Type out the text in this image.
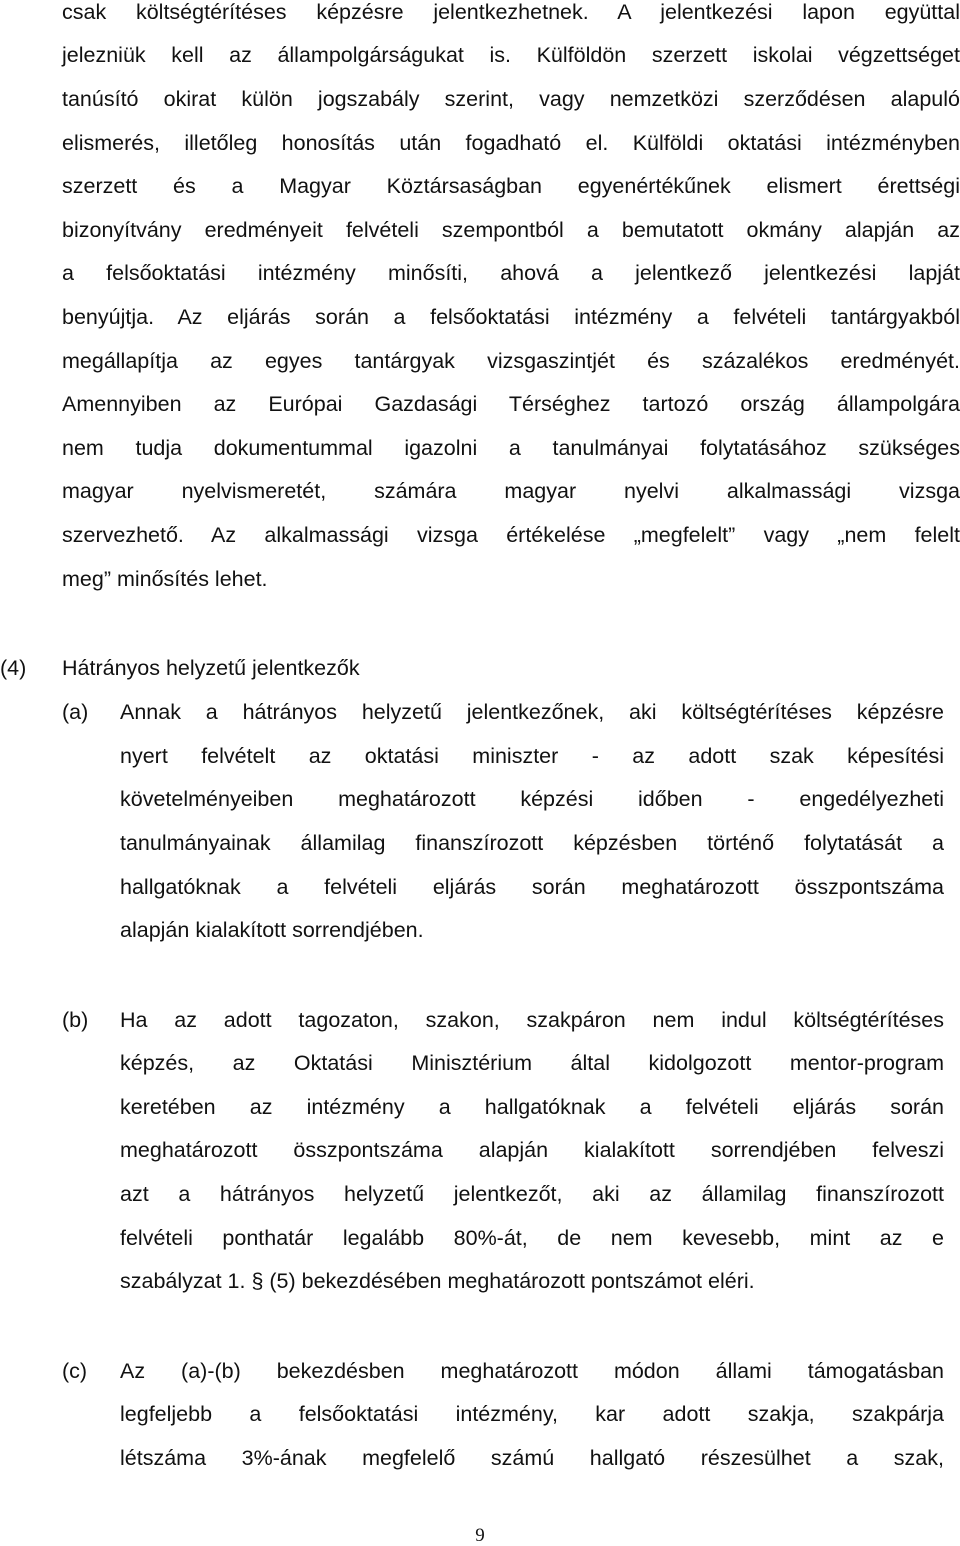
csak költségtérítéses képzésre jelentkezhetnek. A jelentkezési lapon együttal
jelezniük kell az állampolgárságukat is. Külföldön szerzett iskolai végzettséget
tanúsító okirat külön jogszabály szerint, vagy nemzetközi szerződésen alapuló
elismerés, illetőleg honosítás után fogadható el. Külföldi oktatási intézményben
szerzett és a Magyar Köztársaságban egyenértékűnek elismert érettségi
bizonyítvány eredményeit felvételi szempontból a bemutatott okmány alapján az
a felsőoktatási intézmény minősíti, ahová a jelentkező jelentkezési lapját
benyújtja. Az eljárás során a felsőoktatási intézmény a felvételi tantárgyakból
megállapítja az egyes tantárgyak vizsgaszintjét és százalékos eredményét.
Amennyiben az Európai Gazdasági Térséghez tartozó ország állampolgára
nem tudja dokumentummal igazolni a tanulmányai folytatásához szükséges
magyar nyelvismeretét, számára magyar nyelvi alkalmassági vizsga
szervezhető. Az alkalmassági vizsga értékelése „megfelelt” vagy „nem felelt
meg” minősítés lehet.
(4) Hátrányos helyzetű jelentkezők
(a) Annak a hátrányos helyzetű jelentkezőnek, aki költségtérítéses képzésre
nyert felvételt az oktatási miniszter - az adott szak képesítési
követelményeiben meghatározott képzési időben - engedélyezheti
tanulmányainak államilag finanszírozott képzésben történő folytatását a
hallgatóknak a felvételi eljárás során meghatározott összpontszáma
alapján kialakított sorrendjében.
(b) Ha az adott tagozaton, szakon, szakpáron nem indul költségtérítéses
képzés, az Oktatási Minisztérium által kidolgozott mentor-program
keretében az intézmény a hallgatóknak a felvételi eljárás során
meghatározott összpontszáma alapján kialakított sorrendjében felveszi
azt a hátrányos helyzetű jelentkezőt, aki az államilag finanszírozott
felvételi ponthatár legalább 80%-át, de nem kevesebb, mint az e
szabályzat 1. § (5) bekezdésében meghatározott pontszámot eléri.
(c) Az (a)-(b) bekezdésben meghatározott módon állami támogatásban
legfeljebb a felsőoktatási intézmény, kar adott szakja, szakpárja
létszáma 3%-ának megfelelő számú hallgató részesülhet a szak,
9
